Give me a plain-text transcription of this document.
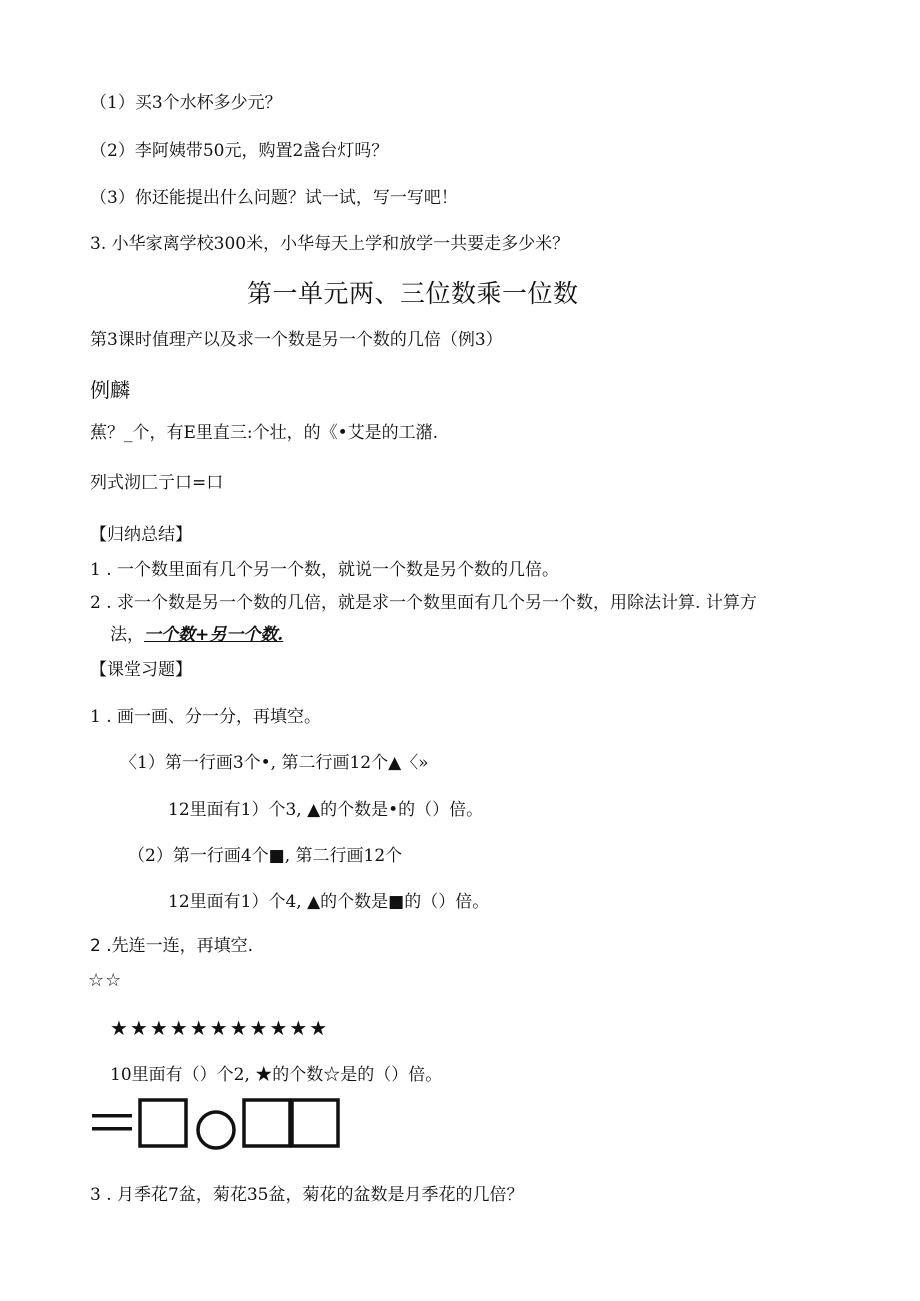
（1）买3个水杯多少元？
（2）李阿姨带50元，购置2盏台灯吗？
（3）你还能提出什么问题？试一试，写一写吧！
3. 小华家离学校300米，小华每天上学和放学一共要走多少米？
第一单元两、三位数乘一位数
第3课时值理产以及求一个数是另一个数的几倍（例3）
例麟
蕉？_个，有E里直三:个壮，的《•艾是的工潴.
列式沏匚亍口=口
【归纳总结】
1 . 一个数里面有几个另一个数，就说一个数是另个数的几倍。
2 . 求一个数是另一个数的几倍，就是求一个数里面有几个另一个数，用除法计算. 计算方
法，一个数+另一个数.
【课堂习题】
1 . 画一画、分一分，再填空。
〈1）第一行画3个•, 第二行画12个▲〈»
12里面有1）个3, ▲的个数是•的（）倍。
（2）第一行画4个■, 第二行画12个
12里面有1）个4, ▲的个数是■的（）倍。
2 .先连一连，再填空.
☆☆
★★★★★★★★★★★
10里面有（）个2, ★的个数☆是的（）倍。
3 . 月季花7盆，菊花35盆，菊花的盆数是月季花的几倍？
